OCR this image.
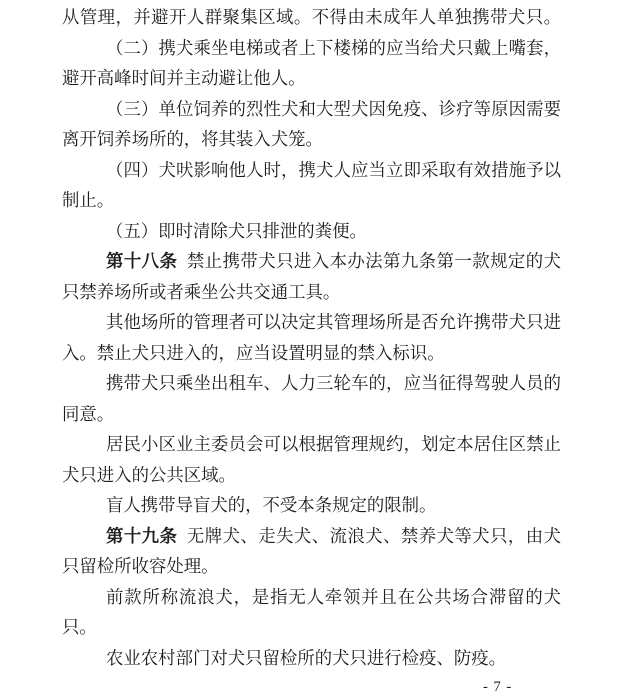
从管理，并避开人群聚集区域。不得由未成年人单独携带犬只。
（二）携犬乘坐电梯或者上下楼梯的应当给犬只戴上嘴套，
避开高峰时间并主动避让他人。
（三）单位饲养的烈性犬和大型犬因免疫、诊疗等原因需要
离开饲养场所的，将其装入犬笼。
（四）犬吠影响他人时，携犬人应当立即采取有效措施予以
制止。
（五）即时清除犬只排泄的粪便。
第十八条 禁止携带犬只进入本办法第九条第一款规定的犬
只禁养场所或者乘坐公共交通工具。
其他场所的管理者可以决定其管理场所是否允许携带犬只进
入。禁止犬只进入的，应当设置明显的禁入标识。
携带犬只乘坐出租车、人力三轮车的，应当征得驾驶人员的
同意。
居民小区业主委员会可以根据管理规约，划定本居住区禁止
犬只进入的公共区域。
盲人携带导盲犬的，不受本条规定的限制。
第十九条 无牌犬、走失犬、流浪犬、禁养犬等犬只，由犬
只留检所收容处理。
前款所称流浪犬，是指无人牵领并且在公共场合滞留的犬
只。
农业农村部门对犬只留检所的犬只进行检疫、防疫。
- 7 -
